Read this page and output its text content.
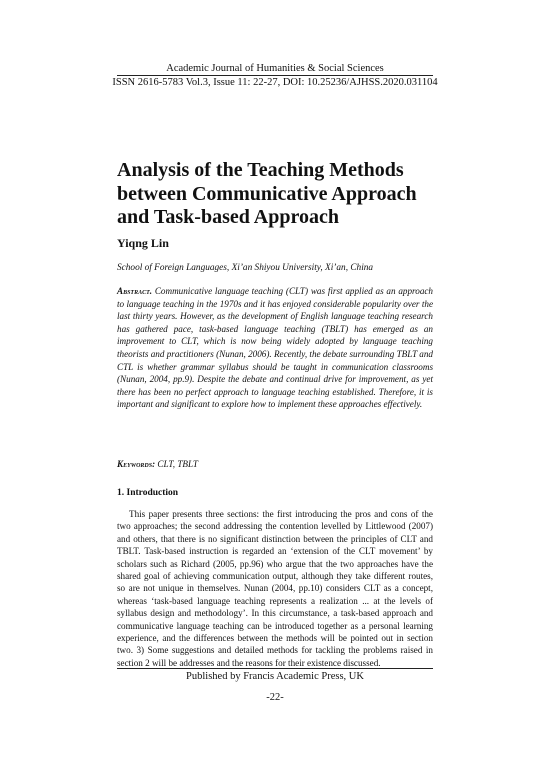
Academic Journal of Humanities & Social Sciences
ISSN 2616-5783 Vol.3, Issue 11: 22-27, DOI: 10.25236/AJHSS.2020.031104
Analysis of the Teaching Methods between Communicative Approach and Task-based Approach
Yiqng Lin
School of Foreign Languages, Xi’an Shiyou University, Xi’an, China

Abstract. Communicative language teaching (CLT) was first applied as an approach to language teaching in the 1970s and it has enjoyed considerable popularity over the last thirty years. However, as the development of English language teaching research has gathered pace, task-based language teaching (TBLT) has emerged as an improvement to CLT, which is now being widely adopted by language teaching theorists and practitioners (Nunan, 2006). Recently, the debate surrounding TBLT and CTL is whether grammar syllabus should be taught in communication classrooms (Nunan, 2004, pp.9). Despite the debate and continual drive for improvement, as yet there has been no perfect approach to language teaching established. Therefore, it is important and significant to explore how to implement these approaches effectively.

Keywords: CLT, TBLT
1. Introduction

This paper presents three sections: the first introducing the pros and cons of the two approaches; the second addressing the contention levelled by Littlewood (2007) and others, that there is no significant distinction between the principles of CLT and TBLT. Task-based instruction is regarded an ‘extension of the CLT movement’ by scholars such as Richard (2005, pp.96) who argue that the two approaches have the shared goal of achieving communication output, although they take different routes, so are not unique in themselves. Nunan (2004, pp.10) considers CLT as a concept, whereas ‘task-based language teaching represents a realization ... at the levels of syllabus design and methodology’. In this circumstance, a task-based approach and communicative language teaching can be introduced together as a personal learning experience, and the differences between the methods will be pointed out in section two. 3) Some suggestions and detailed methods for tackling the problems raised in section 2 will be addresses and the reasons for their existence discussed.

Published by Francis Academic Press, UK
-22-
